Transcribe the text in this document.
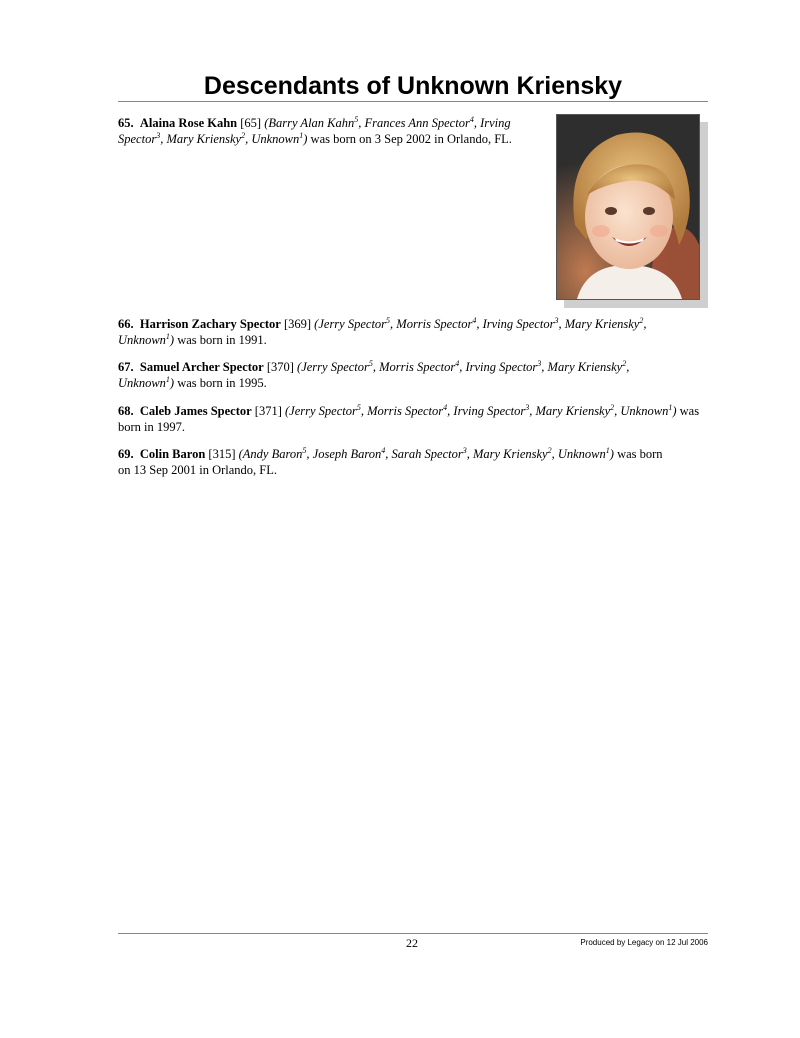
Descendants of Unknown Kriensky

65. Alaina Rose Kahn [65] (Barry Alan Kahn$^5$, Frances Ann Spector$^4$, Irving Spector$^3$, Mary Kriensky$^2$, Unknown$^1$) was born on 3 Sep 2002 in Orlando, FL.

66. Harrison Zachary Spector [369] (Jerry Spector$^5$, Morris Spector$^4$, Irving Spector$^3$, Mary Kriensky$^2$, Unknown$^1$) was born in 1991.

67. Samuel Archer Spector [370] (Jerry Spector$^5$, Morris Spector$^4$, Irving Spector$^3$, Mary Kriensky$^2$, Unknown$^1$) was born in 1995.

68. Caleb James Spector [371] (Jerry Spector$^5$, Morris Spector$^4$, Irving Spector$^3$, Mary Kriensky$^2$, Unknown$^1$) was born in 1997.

69. Colin Baron [315] (Andy Baron$^5$, Joseph Baron$^4$, Sarah Spector$^3$, Mary Kriensky$^2$, Unknown$^1$) was born on 13 Sep 2001 in Orlando, FL.

22	Produced by Legacy on 12 Jul 2006
